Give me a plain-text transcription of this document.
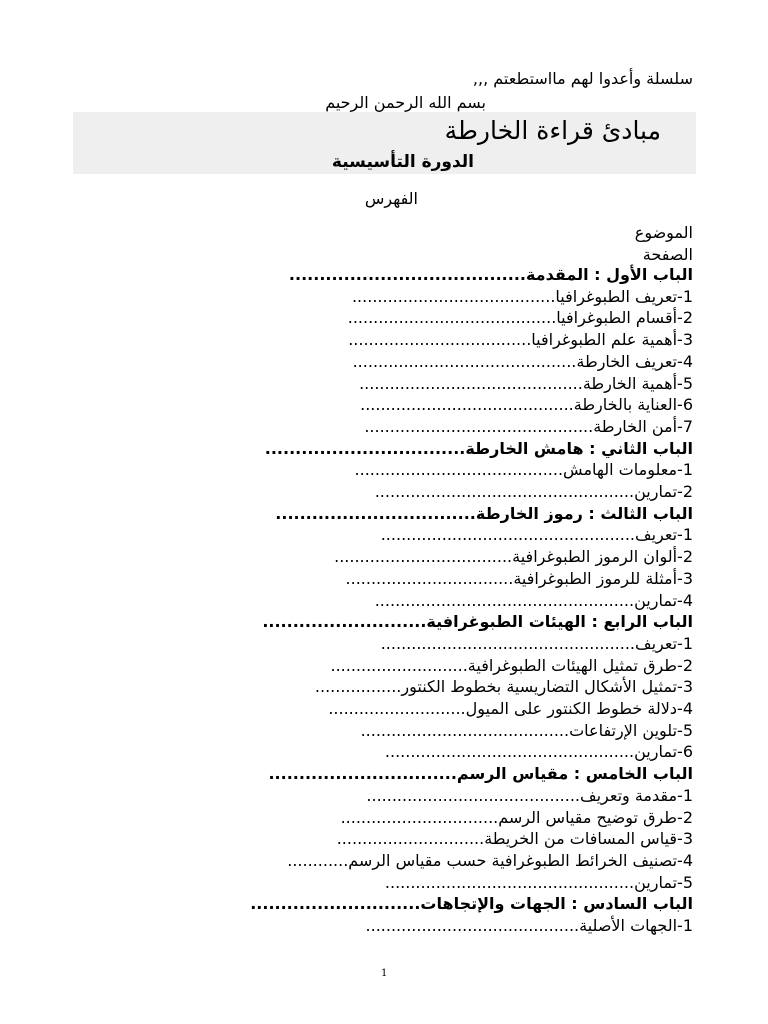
سلسلة وأعدوا لهم مااستطعتم ,,,
بسم الله الرحمن الرحيم
مبادئ قراءة الخارطة
الدورة التأسيسية
الفهرس
الموضوع
الصفحة
الباب الأول : المقدمة.......................................
1-تعريف الطبوغرافيا........................................
2-أقسام الطبوغرافيا.........................................
3-أهمية علم الطبوغرافيا....................................
4-تعريف الخارطة............................................
5-أهمية الخارطة............................................
6-العناية بالخارطة..........................................
7-أمن الخارطة.............................................
الباب الثاني : هامش الخارطة.................................
1-معلومات الهامش.........................................
2-تمارين...................................................
الباب الثالث : رموز الخارطة.................................
1-تعريف..................................................
2-ألوان الرموز الطبوغرافية...................................
3-أمثلة للرموز الطبوغرافية.................................
4-تمارين...................................................
الباب الرابع : الهيئات الطبوغرافية...........................
1-تعريف..................................................
2-طرق تمثيل الهيئات الطبوغرافية...........................
3-تمثيل الأشكال التضاريسية بخطوط الكنتور.................
4-دلالة خطوط الكنتور على الميول...........................
5-تلوين الإرتفاعات.........................................
6-تمارين.................................................
الباب الخامس : مقياس الرسم...............................
1-مقدمة وتعريف..........................................
2-طرق توضيح مقياس الرسم...............................
3-قياس المسافات من الخريطة.............................
4-تصنيف الخرائط الطبوغرافية حسب مقياس الرسم............
5-تمارين.................................................
الباب السادس : الجهات والإتجاهات............................
1-الجهات الأصلية..........................................
1
